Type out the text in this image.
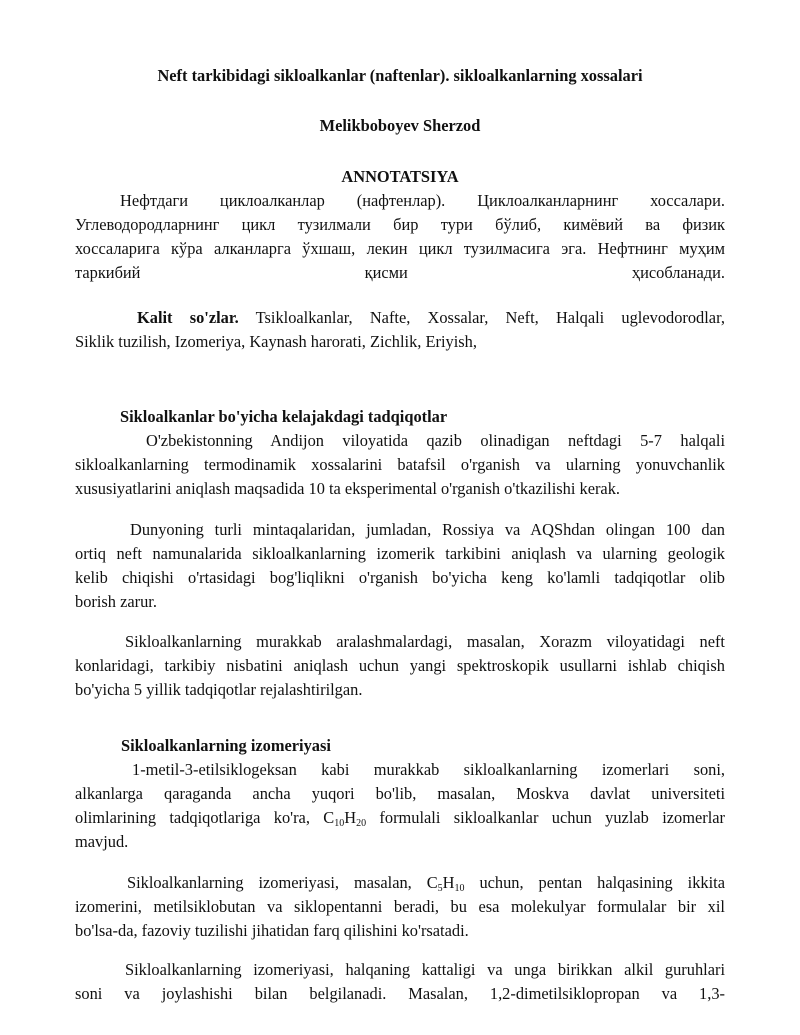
Neft tarkibidagi sikloalkanlar (naftenlar). sikloalkanlarning xossalari
Melikboboyev Sherzod
ANNOTATSIYA
Нефтдаги циклоалканлар (нафтенлар). Циклоалканларнинг хоссалари.
Углеводородларнинг цикл тузилмали бир тури бўлиб, кимёвий ва физик
хоссаларига кўра алканларга ўхшаш, лекин цикл тузилмасига эга. Нефтнинг муҳим
таркибий	қисми	ҳисобланади.
Kalit so'zlar. Tsikloalkanlar, Nafte, Xossalar, Neft, Halqali uglevodorodlar,
Siklik tuzilish, Izomeriya, Kaynash harorati, Zichlik, Eriyish,
Sikloalkanlar bo'yicha kelajakdagi tadqiqotlar
O'zbekistonning Andijon viloyatida qazib olinadigan neftdagi 5-7 halqali
sikloalkanlarning termodinamik xossalarini batafsil o'rganish va ularning yonuvchanlik
xususiyatlarini aniqlash maqsadida 10 ta eksperimental o'rganish o'tkazilishi kerak.
Dunyoning turli mintaqalaridan, jumladan, Rossiya va AQShdan olingan 100 dan
ortiq neft namunalarida sikloalkanlarning izomerik tarkibini aniqlash va ularning geologik
kelib chiqishi o'rtasidagi bog'liqlikni o'rganish bo'yicha keng ko'lamli tadqiqotlar olib
borish zarur.
Sikloalkanlarning murakkab aralashmalardagi, masalan, Xorazm viloyatidagi neft
konlaridagi, tarkibiy nisbatini aniqlash uchun yangi spektroskopik usullarni ishlab chiqish
bo'yicha 5 yillik tadqiqotlar rejalashtirilgan.
Sikloalkanlarning izomeriyasi
1-metil-3-etilsiklogeksan kabi murakkab sikloalkanlarning izomerlari soni,
alkanlarga qaraganda ancha yuqori bo'lib, masalan, Moskva davlat universiteti
olimlarining tadqiqotlariga ko'ra, $C_{10}H_{20}$ formulali sikloalkanlar uchun yuzlab izomerlar
mavjud.
Sikloalkanlarning izomeriyasi, masalan, $C_5H_{10}$ uchun, pentan halqasining ikkita
izomerini, metilsiklobutan va siklopentanni beradi, bu esa molekulyar formulalar bir xil
bo'lsa-da, fazoviy tuzilishi jihatidan farq qilishini ko'rsatadi.
Sikloalkanlarning izomeriyasi, halqaning kattaligi va unga birikkan alkil guruhlari
soni va joylashishi bilan belgilanadi. Masalan, 1,2-dimetilsiklopropan va 1,3-
